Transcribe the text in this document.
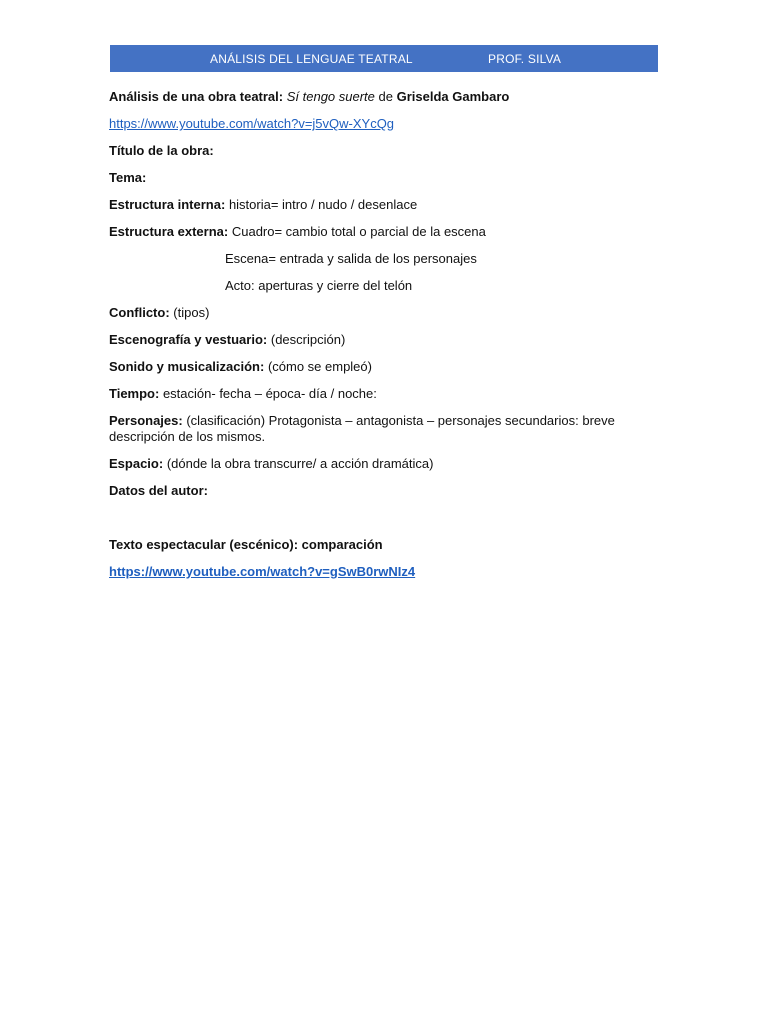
ANÁLISIS DEL LENGUAE TEATRAL	PROF. SILVA

Análisis de una obra teatral: Sí tengo suerte de Griselda Gambaro

https://www.youtube.com/watch?v=j5vQw-XYcQg

Título de la obra:

Tema:

Estructura interna: historia= intro / nudo / desenlace

Estructura externa: Cuadro= cambio total o parcial de la escena

Escena= entrada y salida de los personajes

Acto: aperturas y cierre del telón

Conflicto: (tipos)

Escenografía y vestuario: (descripción)

Sonido y musicalización: (cómo se empleó)

Tiempo: estación- fecha – época- día / noche:

Personajes: (clasificación) Protagonista – antagonista – personajes secundarios: breve descripción de los mismos.

Espacio: (dónde la obra transcurre/ a acción dramática)

Datos del autor:

Texto espectacular (escénico): comparación

https://www.youtube.com/watch?v=gSwB0rwNIz4
